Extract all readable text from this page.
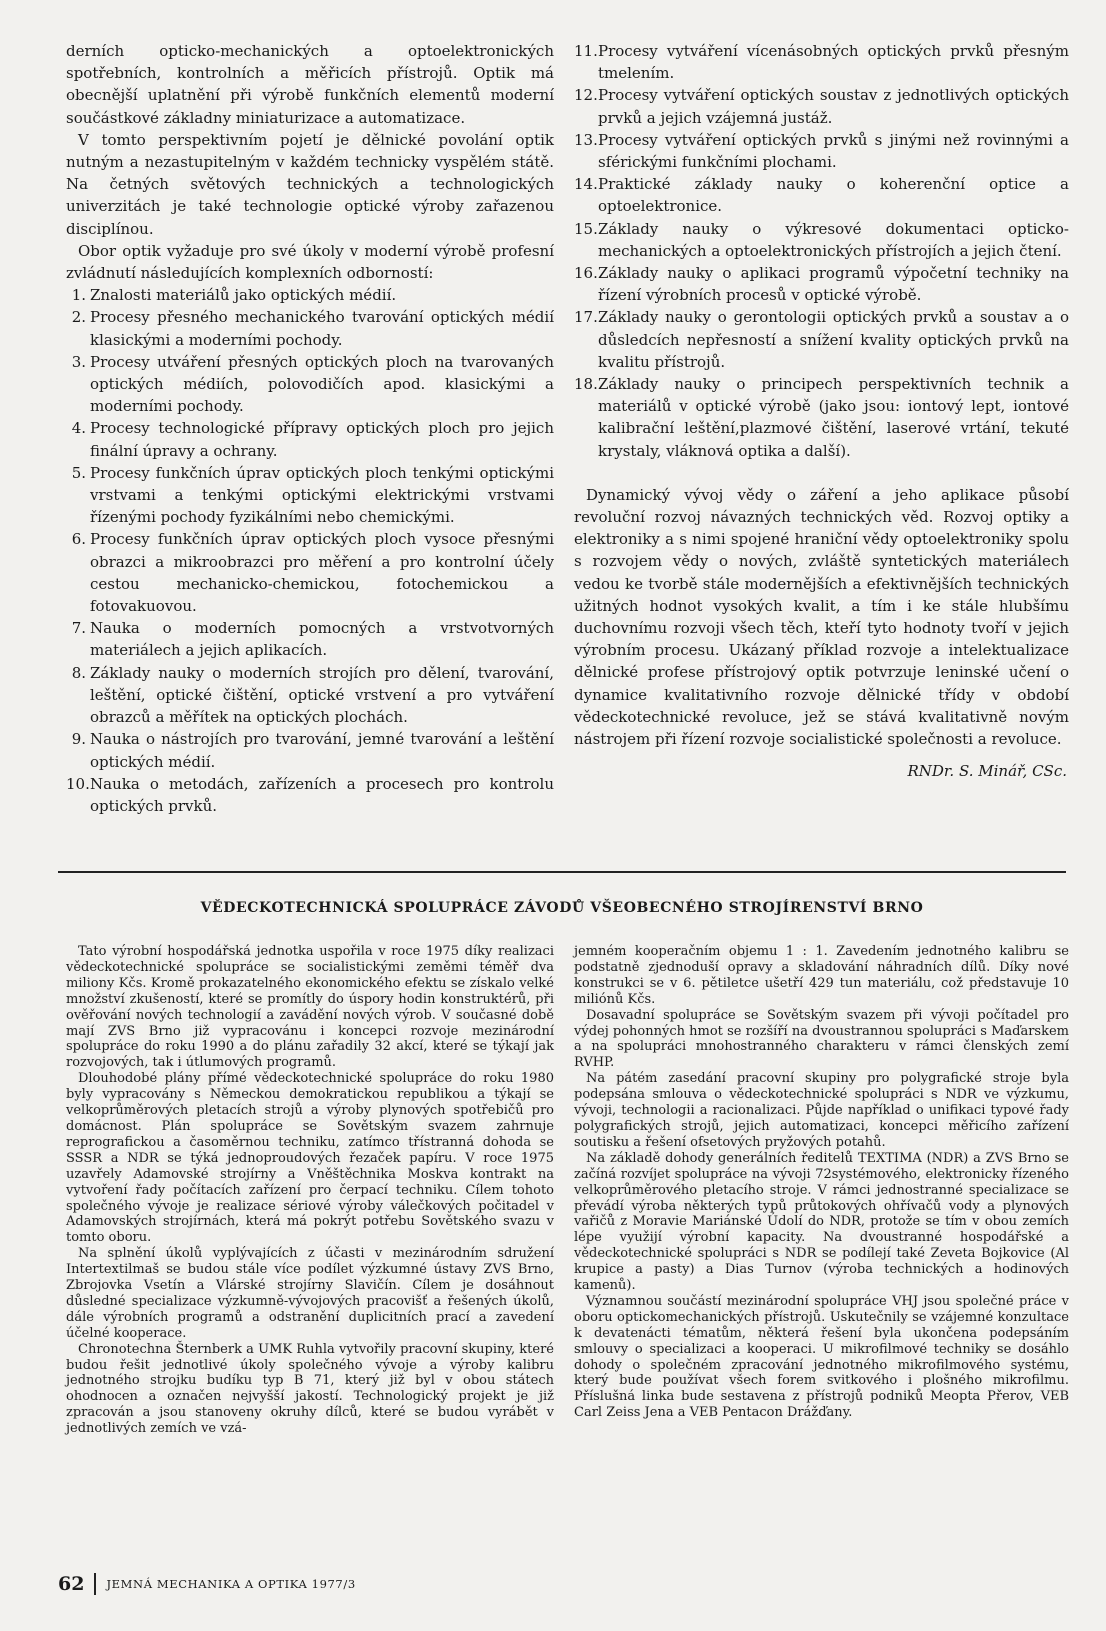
derních opticko-mechanických a optoelektronických spotřebních, kontrolních a měřicích přístrojů. Optik má obecnější uplatnění při výrobě funkčních elementů moderní součástkové základny miniaturizace a automatizace.

V tomto perspektivním pojetí je dělnické povolání optik nutným a nezastupitelným v každém technicky vyspělém státě. Na četných světových technických a technologických univerzitách je také technologie optické výroby zařazenou disciplínou.

Obor optik vyžaduje pro své úkoly v moderní výrobě profesní zvládnutí následujících komplexních odborností:

1. Znalosti materiálů jako optických médií.
2. Procesy přesného mechanického tvarování optických médií klasickými a moderními pochody.
3. Procesy utváření přesných optických ploch na tvarovaných optických médiích, polovodičích apod. klasickými a moderními pochody.
4. Procesy technologické přípravy optických ploch pro jejich finální úpravy a ochrany.
5. Procesy funkčních úprav optických ploch tenkými optickými vrstvami a tenkými optickými elektrickými vrstvami řízenými pochody fyzikálními nebo chemickými.
6. Procesy funkčních úprav optických ploch vysoce přesnými obrazci a mikroobrazci pro měření a pro kontrolní účely cestou mechanicko-chemickou, fotochemickou a fotovakuovou.
7. Nauka o moderních pomocných a vrstvotvorných materiálech a jejich aplikacích.
8. Základy nauky o moderních strojích pro dělení, tvarování, leštění, optické čištění, optické vrstvení a pro vytváření obrazců a měřítek na optických plochách.
9. Nauka o nástrojích pro tvarování, jemné tvarování a leštění optických médií.
10. Nauka o metodách, zařízeních a procesech pro kontrolu optických prvků.
11. Procesy vytváření vícenásobných optických prvků přesným tmelením.
12. Procesy vytváření optických soustav z jednotlivých optických prvků a jejich vzájemná justáž.
13. Procesy vytváření optických prvků s jinými než rovinnými a sférickými funkčními plochami.
14. Praktické základy nauky o koherenční optice a optoelektronice.
15. Základy nauky o výkresové dokumentaci opticko-mechanických a optoelektronických přístrojích a jejich čtení.
16. Základy nauky o aplikaci programů výpočetní techniky na řízení výrobních procesů v optické výrobě.
17. Základy nauky o gerontologii optických prvků a soustav a o důsledcích nepřesností a snížení kvality optických prvků na kvalitu přístrojů.
18. Základy nauky o principech perspektivních technik a materiálů v optické výrobě (jako jsou: iontový lept, iontové kalibrační leštění,plazmové čištění, laserové vrtání, tekuté krystaly, vláknová optika a další).

Dynamický vývoj vědy o záření a jeho aplikace působí revoluční rozvoj návazných technických věd. Rozvoj optiky a elektroniky a s nimi spojené hraniční vědy optoelektroniky spolu s rozvojem vědy o nových, zvláště syntetických materiálech vedou ke tvorbě stále modernějších a efektivnějších technických užitných hodnot vysokých kvalit, a tím i ke stále hlubšímu duchovnímu rozvoji všech těch, kteří tyto hodnoty tvoří v jejich výrobním procesu. Ukázaný příklad rozvoje a intelektualizace dělnické profese přístrojový optik potvrzuje leninské učení o dynamice kvalitativního rozvoje dělnické třídy v období vědeckotechnické revoluce, jež se stává kvalitativně novým nástrojem při řízení rozvoje socialistické společnosti a revoluce.

RNDr. S. Minář, CSc.

VĚDECKOTECHNICKÁ SPOLUPRÁCE ZÁVODŮ VŠEOBECNÉHO STROJÍRENSTVÍ BRNO

Tato výrobní hospodářská jednotka uspořila v roce 1975 díky realizaci vědeckotechnické spolupráce se socialistickými zeměmi téměř dva miliony Kčs. Kromě prokazatelného ekonomického efektu se získalo velké množství zkušeností, které se promítly do úspory hodin konstruktérů, při ověřování nových technologií a zavádění nových výrob. V současné době mají ZVS Brno již vypracovánu i koncepci rozvoje mezinárodní spolupráce do roku 1990 a do plánu zařadily 32 akcí, které se týkají jak rozvojových, tak i útlumových programů.

Dlouhodobé plány přímé vědeckotechnické spolupráce do roku 1980 byly vypracovány s Německou demokratickou republikou a týkají se velkoprůměrových pletacích strojů a výroby plynových spotřebičů pro domácnost. Plán spolupráce se Sovětským svazem zahrnuje reprografickou a časoměrnou techniku, zatímco třístranná dohoda se SSSR a NDR se týká jednoproudových řezaček papíru. V roce 1975 uzavřely Adamovské strojírny a Vněštěchnika Moskva kontrakt na vytvoření řady počítacích zařízení pro čerpací techniku. Cílem tohoto společného vývoje je realizace sériové výroby válečkových počitadel v Adamovských strojírnách, která má pokrýt potřebu Sovětského svazu v tomto oboru.

Na splnění úkolů vyplývajících z účasti v mezinárodním sdružení Intertextilmaš se budou stále více podílet výzkumné ústavy ZVS Brno, Zbrojovka Vsetín a Vlárské strojírny Slavičín. Cílem je dosáhnout důsledné specializace výzkumně-vývojových pracovišť a řešených úkolů, dále výrobních programů a odstranění duplicitních prací a zavedení účelné kooperace.

Chronotechna Šternberk a UMK Ruhla vytvořily pracovní skupiny, které budou řešit jednotlivé úkoly společného vývoje a výroby kalibru jednotného strojku budíku typ B 71, který již byl v obou státech ohodnocen a označen nejvyšší jakostí. Technologický projekt je již zpracován a jsou stanoveny okruhy dílců, které se budou vyrábět v jednotlivých zemích ve vzá-

jemném kooperačním objemu 1 : 1. Zavedením jednotného kalibru se podstatně zjednoduší opravy a skladování náhradních dílů. Díky nové konstrukci se v 6. pětiletce ušetří 429 tun materiálu, což představuje 10 miliónů Kčs.

Dosavadní spolupráce se Sovětským svazem při vývoji počítadel pro výdej pohonných hmot se rozšíří na dvoustrannou spolupráci s Maďarskem a na spolupráci mnohostranného charakteru v rámci členských zemí RVHP.

Na pátém zasedání pracovní skupiny pro polygrafické stroje byla podepsána smlouva o vědeckotechnické spolupráci s NDR ve výzkumu, vývoji, technologii a racionalizaci. Půjde například o unifikaci typové řady polygrafických strojů, jejich automatizaci, koncepci měřicího zařízení soutisku a řešení ofsetových pryžových potahů.

Na základě dohody generálních ředitelů TEXTIMA (NDR) a ZVS Brno se začíná rozvíjet spolupráce na vývoji 72systémového, elektronicky řízeného velkoprůměrového pletacího stroje. V rámci jednostranné specializace se převádí výroba některých typů průtokových ohřívačů vody a plynových vařičů z Moravie Mariánské Údolí do NDR, protože se tím v obou zemích lépe využijí výrobní kapacity. Na dvoustranné hospodářské a vědeckotechnické spolupráci s NDR se podílejí také Zeveta Bojkovice (Al krupice a pasty) a Dias Turnov (výroba technických a hodinových kamenů).

Významnou součástí mezinárodní spolupráce VHJ jsou společné práce v oboru optickomechanických přístrojů. Uskutečnily se vzájemné konzultace k devatenácti tématům, některá řešení byla ukončena podepsáním smlouvy o specializaci a kooperaci. U mikrofilmové techniky se dosáhlo dohody o společném zpracování jednotného mikrofilmového systému, který bude používat všech forem svitkového i plošného mikrofilmu. Příslušná linka bude sestavena z přístrojů podniků Meopta Přerov, VEB Carl Zeiss Jena a VEB Pentacon Drážďany.

62 JEMNÁ MECHANIKA A OPTIKA 1977/3
